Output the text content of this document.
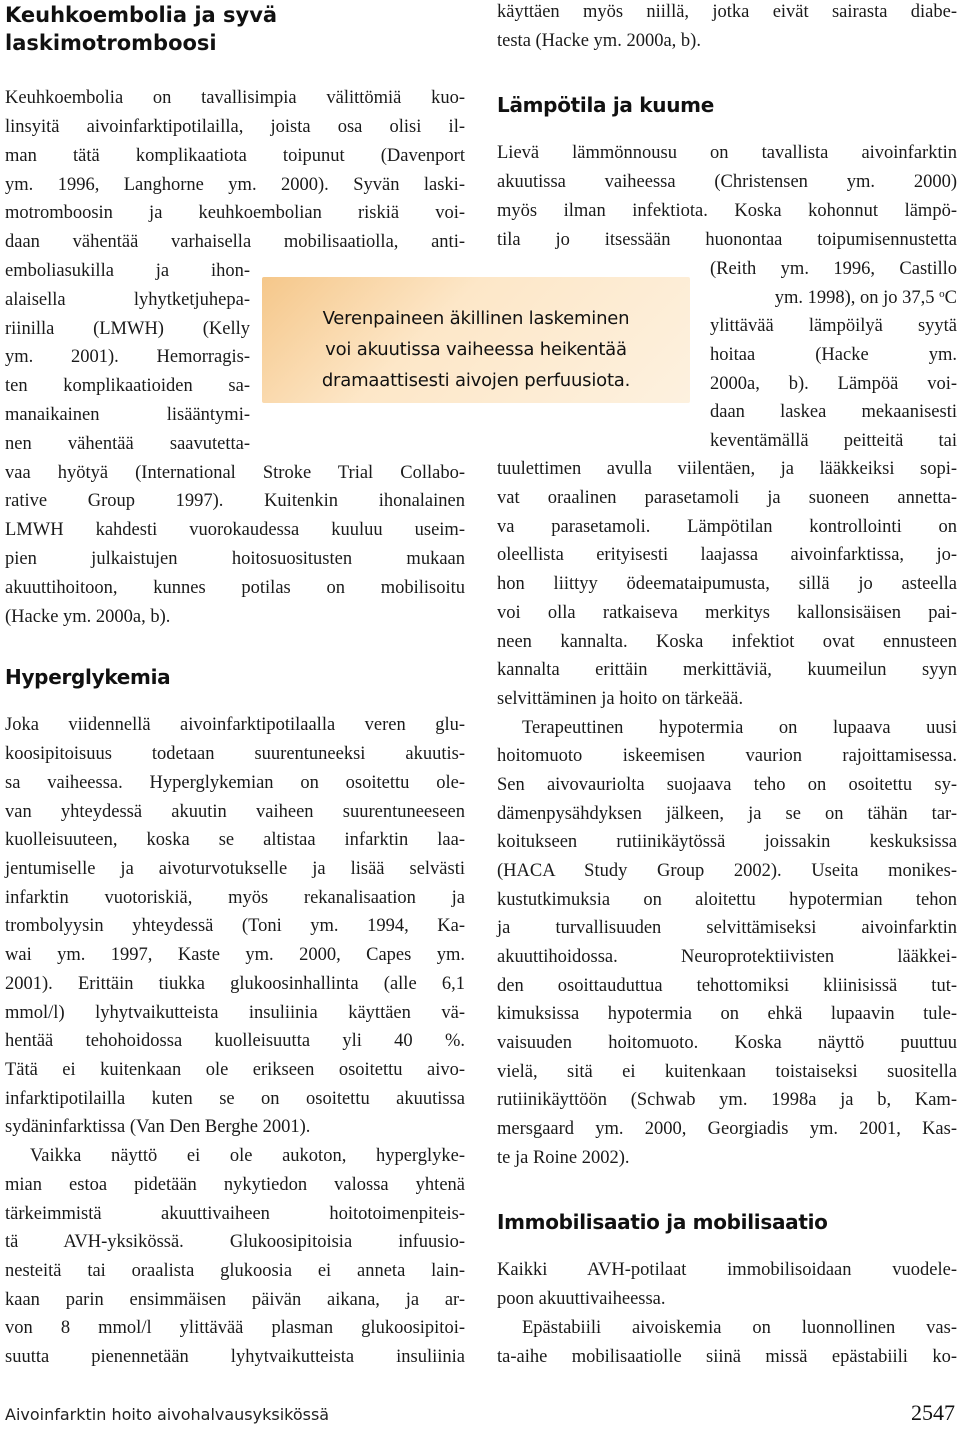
Keuhkoembolia ja syvä
laskimotromboosi
Keuhkoembolia on tavallisimpia välittömiä kuo-
linsyitä aivoinfarktipotilailla, joista osa olisi il-
man tätä komplikaatiota toipunut (Davenport
ym. 1996, Langhorne ym. 2000). Syvän laski-
motromboosin ja keuhkoembolian riskiä voi-
daan vähentää varhaisella mobilisaatiolla, anti-
emboliasukilla ja ihon-
alaisella lyhytketjuhepa-
riinilla (LMWH) (Kelly
ym. 2001). Hemorragis-
ten komplikaatioiden sa-
manaikainen lisääntymi-
nen vähentää saavutetta-
vaa hyötyä (International Stroke Trial Collabo-
rative Group 1997). Kuitenkin ihonalainen
LMWH kahdesti vuorokaudessa kuuluu useim-
pien julkaistujen hoitosuositusten mukaan
akuuttihoitoon, kunnes potilas on mobilisoitu
(Hacke ym. 2000a, b).
Hyperglykemia
Joka viidennellä aivoinfarktipotilaalla veren glu-
koosipitoisuus todetaan suurentuneeksi akuutis-
sa vaiheessa. Hyperglykemian on osoitettu ole-
van yhteydessä akuutin vaiheen suurentuneeseen
kuolleisuuteen, koska se altistaa infarktin laa-
jentumiselle ja aivoturvotukselle ja lisää selvästi
infarktin vuotoriskiä, myös rekanalisaation ja
trombolyysin yhteydessä (Toni ym. 1994, Ka-
wai ym. 1997, Kaste ym. 2000, Capes ym.
2001). Erittäin tiukka glukoosinhallinta (alle 6,1
mmol/l) lyhytvaikutteista insuliinia käyttäen vä-
hentää tehohoidossa kuolleisuutta yli 40 %.
Tätä ei kuitenkaan ole erikseen osoitettu aivo-
infarktipotilailla kuten se on osoitettu akuutissa
sydäninfarktissa (Van Den Berghe 2001).
Vaikka näyttö ei ole aukoton, hyperglyke-
mian estoa pidetään nykytiedon valossa yhtenä
tärkeimmistä akuuttivaiheen hoitotoimenpiteis-
tä AVH-yksikössä. Glukoosipitoisia infuusio-
nesteitä tai oraalista glukoosia ei anneta lain-
kaan parin ensimmäisen päivän aikana, ja ar-
von 8 mmol/l ylittävää plasman glukoosipitoi-
suutta pienennetään lyhytvaikutteista insuliinia
käyttäen myös niillä, jotka eivät sairasta diabe-
testa (Hacke ym. 2000a, b).
Lämpötila ja kuume
Lievä lämmönnousu on tavallista aivoinfarktin
akuutissa vaiheessa (Christensen ym. 2000)
myös ilman infektiota. Koska kohonnut lämpö-
tila jo itsessään huonontaa toipumisennustetta
(Reith ym. 1996, Castillo
ym. 1998), on jo 37,5 $^o$C
ylittävää lämpöilyä syytä
hoitaa (Hacke ym.
2000a, b). Lämpöä voi-
daan laskea mekaanisesti
keventämällä peitteitä tai
tuulettimen avulla viilentäen, ja lääkkeiksi sopi-
vat oraalinen parasetamoli ja suoneen annetta-
va parasetamoli. Lämpötilan kontrollointi on
oleellista erityisesti laajassa aivoinfarktissa, jo-
hon liittyy ödeemataipumusta, sillä jo asteella
voi olla ratkaiseva merkitys kallonsisäisen pai-
neen kannalta. Koska infektiot ovat ennusteen
kannalta erittäin merkittäviä, kuumeilun syyn
selvittäminen ja hoito on tärkeää.
Terapeuttinen hypotermia on lupaava uusi
hoitomuoto iskeemisen vaurion rajoittamisessa.
Sen aivovauriolta suojaava teho on osoitettu sy-
dämenpysähdyksen jälkeen, ja se on tähän tar-
koitukseen rutiinikäytössä joissakin keskuksissa
(HACA Study Group 2002). Useita monikes-
kustutkimuksia on aloitettu hypotermian tehon
ja turvallisuuden selvittämiseksi aivoinfarktin
akuuttihoidossa. Neuroprotektiivisten lääkkei-
den osoittauduttua tehottomiksi kliinisissä tut-
kimuksissa hypotermia on ehkä lupaavin tule-
vaisuuden hoitomuoto. Koska näyttö puuttuu
vielä, sitä ei kuitenkaan toistaiseksi suositella
rutiinikäyttöön (Schwab ym. 1998a ja b, Kam-
mersgaard ym. 2000, Georgiadis ym. 2001, Kas-
te ja Roine 2002).
Immobilisaatio ja mobilisaatio
Kaikki AVH-potilaat immobilisoidaan vuodele-
poon akuuttivaiheessa.
Epästabiili aivoiskemia on luonnollinen vas-
ta-aihe mobilisaatiolle siinä missä epästabiili ko-
Verenpaineen äkillinen laskeminen
voi akuutissa vaiheessa heikentää
dramaattisesti aivojen perfuusiota.
Aivoinfarktin hoito aivohalvausyksikössä	2547
